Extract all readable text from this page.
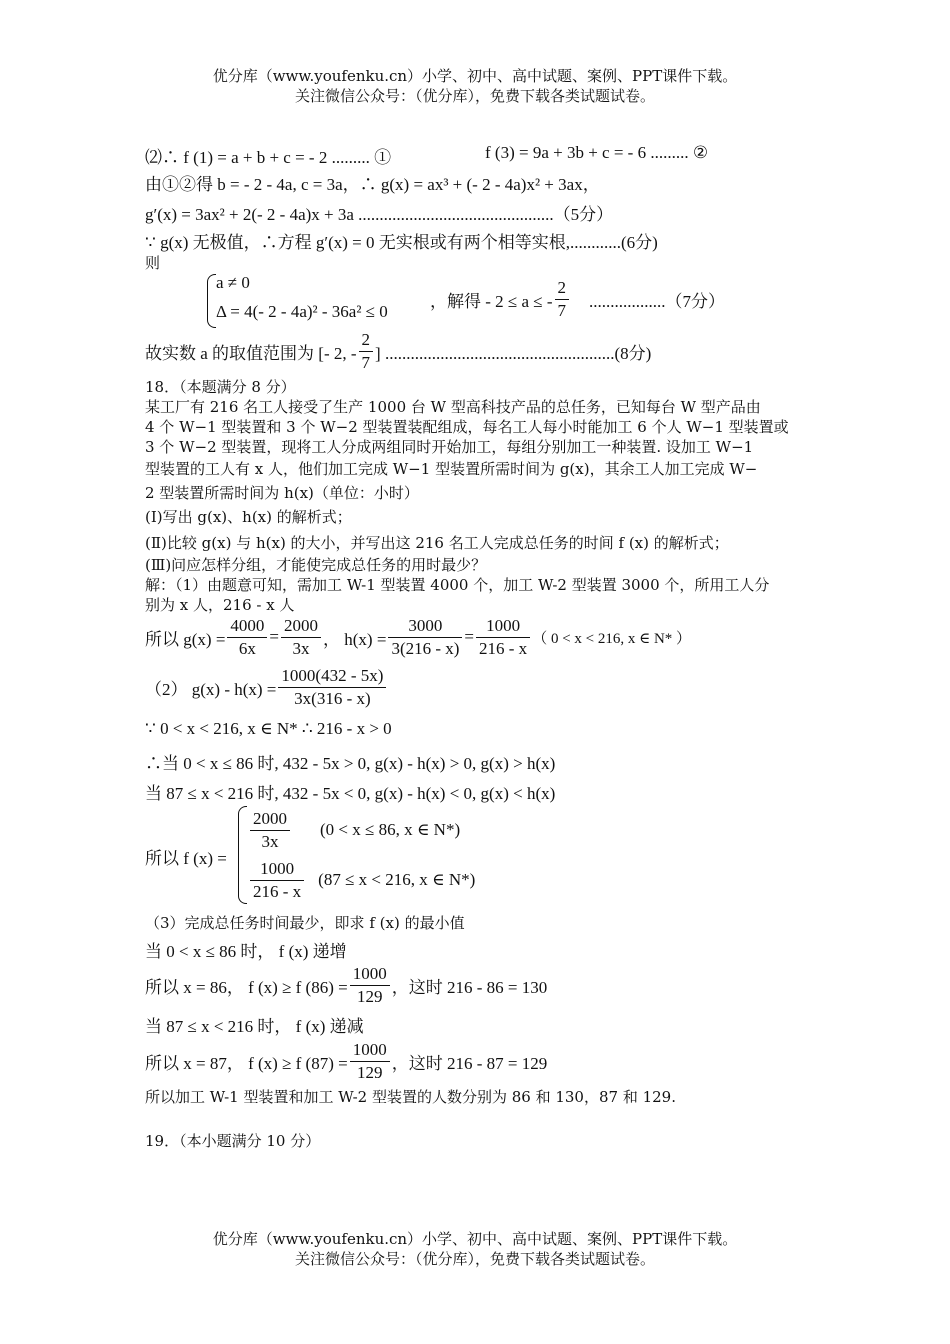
优分库（www.youfenku.cn）小学、初中、高中试题、案例、PPT课件下载。
关注微信公众号：（优分库），免费下载各类试题试卷。
⑵∴ f (1) = a + b + c = - 2 ......... ①	f (3) = 9a + 3b + c = - 6 ......... ②
由①②得 b = - 2 - 4a, c = 3a，∴ g(x) = ax³ + (- 2 - 4a)x² + 3ax，
g′(x) = 3ax² + 2(- 2 - 4a)x + 3a ..............................................（5分）
∵ g(x) 无极值，∴方程 g′(x) = 0 无实根或有两个相等实根,............(6分)
则
a ≠ 0
Δ = 4(- 2 - 4a)² - 36a² ≤ 0
，解得 - 2 ≤ a ≤ - $\frac{2}{7} ..................(7$分）
故实数 a 的取值范围为 [- 2, - $\frac{2}{7}$ ] ......................................................(8分)
18．（本题满分 8 分）
某工厂有 216 名工人接受了生产 1000 台 W 型高科技产品的总任务，已知每台 W 型产品由
4 个 W−1 型装置和 3 个 W−2 型装置装配组成，每名工人每小时能加工 6 个人 W−1 型装置或
3 个 W−2 型装置，现将工人分成两组同时开始加工，每组分别加工一种装置. 设加工 W−1
型装置的工人有 x 人，他们加工完成 W−1 型装置所需时间为 g(x)，其余工人加工完成 W−
2 型装置所需时间为 h(x)（单位：小时）
(Ⅰ)写出 g(x)、h(x) 的解析式；
(Ⅱ)比较 g(x) 与 h(x) 的大小，并写出这 216 名工人完成总任务的时间 f (x) 的解析式；
(Ⅲ)问应怎样分组，才能使完成总任务的用时最少？
解：（1）由题意可知，需加工 W-1 型装置 4000 个，加工 W-2 型装置 3000 个，所用工人分
别为 x 人，216 - x 人
所以 $g(x) = \frac{4000}{6x} = \frac{2000}{3x}$ ， $h(x) = \frac{3000}{3(216 - x)} = \frac{1000}{216 - x}$ （ 0 < x < 216, x ∈ N* ）
（2） $g(x) - h(x) = \frac{1000(432 - 5x)}{3x(316 - x)}$
∵ 0 < x < 216, x ∈ N* ∴ 216 - x > 0
∴当 0 < x ≤ 86 时, 432 - 5x > 0, g(x) - h(x) > 0, g(x) > h(x)
当 87 ≤ x < 216 时, 432 - 5x < 0, g(x) - h(x) < 0, g(x) < h(x)
所以 f (x) =
$\frac{2000}{3x} (0 < x \le 86$, x ∈ N*)
$\frac{1000}{216 - x} (87 \le x < 216$, x ∈ N*)
（3）完成总任务时间最少，即求 f (x) 的最小值
当 0 < x ≤ 86 时， f (x) 递增
所以 x = 86， f (x) ≥ f $(86) = \frac{1000}{129}$ ，这时 216 - 86 = 130
当 87 ≤ x < 216 时， f (x) 递减
所以 x = 87， f (x) ≥ f $(87) = \frac{1000}{129}$ ，这时 216 - 87 = 129
所以加工 W-1 型装置和加工 W-2 型装置的人数分别为 86 和 130，87 和 129.
19．（本小题满分 10 分）
优分库（www.youfenku.cn）小学、初中、高中试题、案例、PPT课件下载。
关注微信公众号：（优分库），免费下载各类试题试卷。
